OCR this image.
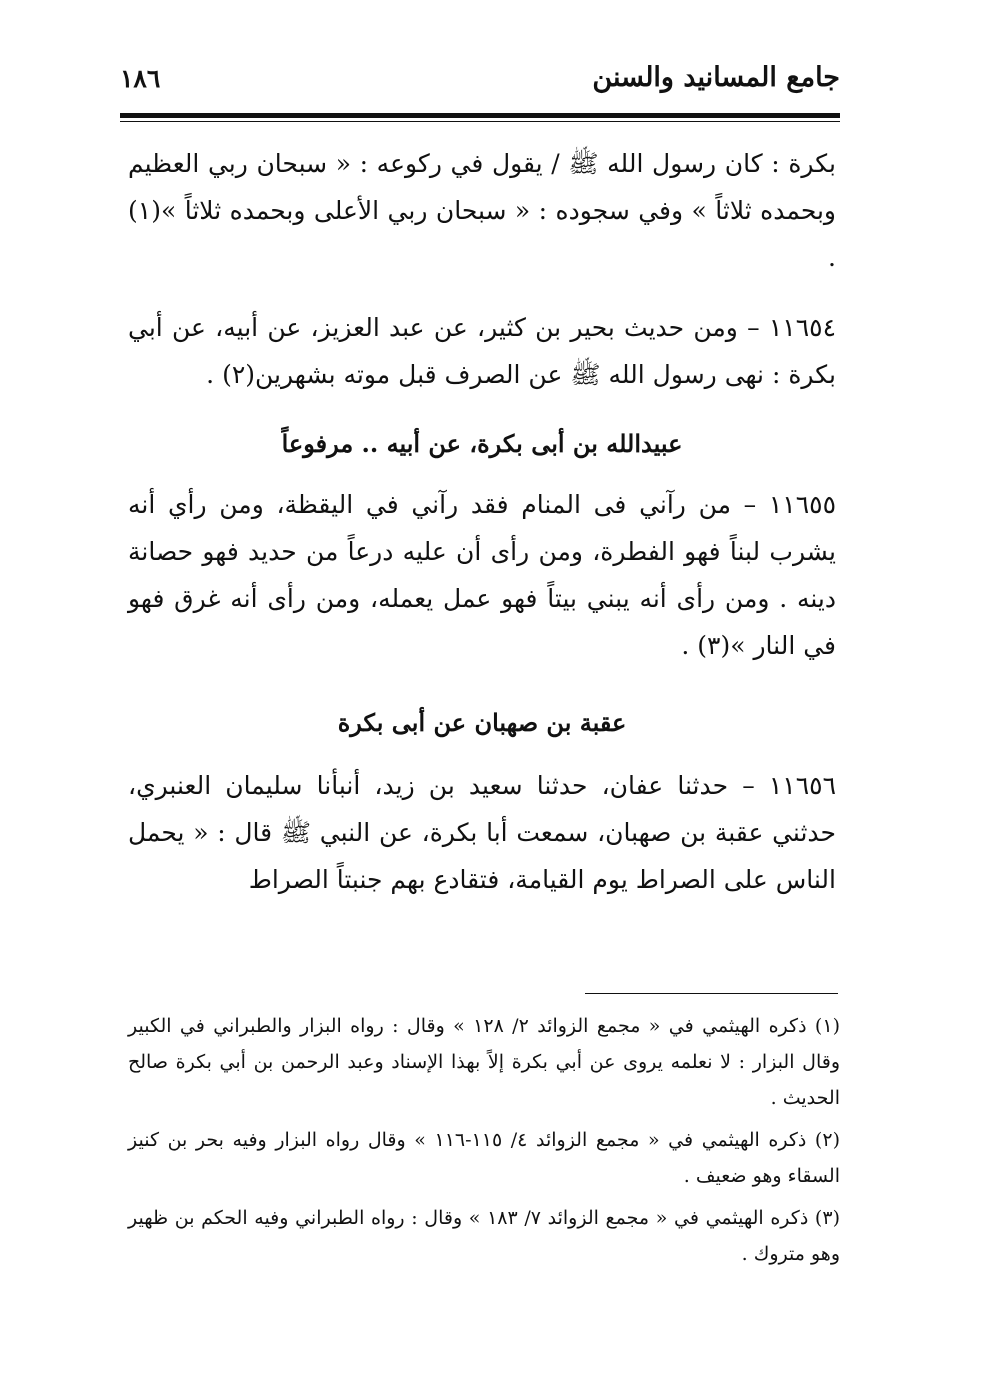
جامع المسانيد والسنن
١٨٦

بكرة : كان رسول الله ﷺ / يقول في ركوعه : « سبحان ربي العظيم وبحمده ثلاثاً » وفي سجوده : « سبحان ربي الأعلى وبحمده ثلاثاً »(١) .

١١٦٥٤ – ومن حديث بحير بن كثير، عن عبد العزيز، عن أبيه، عن أبي بكرة : نهى رسول الله ﷺ عن الصرف قبل موته بشهرين(٢) .

عبيدالله بن أبى بكرة، عن أبيه .. مرفوعاً

١١٦٥٥ – من رآني فى المنام فقد رآني في اليقظة، ومن رأي أنه يشرب لبناً فهو الفطرة، ومن رأى أن عليه درعاً من حديد فهو حصانة دينه . ومن رأى أنه يبني بيتاً فهو عمل يعمله، ومن رأى أنه غرق فهو في النار »(٣) .

عقبة بن صهبان عن أبى بكرة

١١٦٥٦ – حدثنا عفان، حدثنا سعيد بن زيد، أنبأنا سليمان العنبري، حدثني عقبة بن صهبان، سمعت أبا بكرة، عن النبي ﷺ قال : « يحمل الناس على الصراط يوم القيامة، فتقادع بهم جنبتاً الصراط

(١) ذكره الهيثمي في « مجمع الزوائد ٢/ ١٢٨ » وقال : رواه البزار والطبراني في الكبير وقال البزار : لا نعلمه يروى عن أبي بكرة إلاً بهذا الإسناد وعبد الرحمن بن أبي بكرة صالح الحديث .

(٢) ذكره الهيثمي في « مجمع الزوائد ٤/ ١١٥-١١٦ » وقال رواه البزار وفيه بحر بن كنيز السقاء وهو ضعيف .

(٣) ذكره الهيثمي في « مجمع الزوائد ٧/ ١٨٣ » وقال : رواه الطبراني وفيه الحكم بن ظهير وهو متروك .
